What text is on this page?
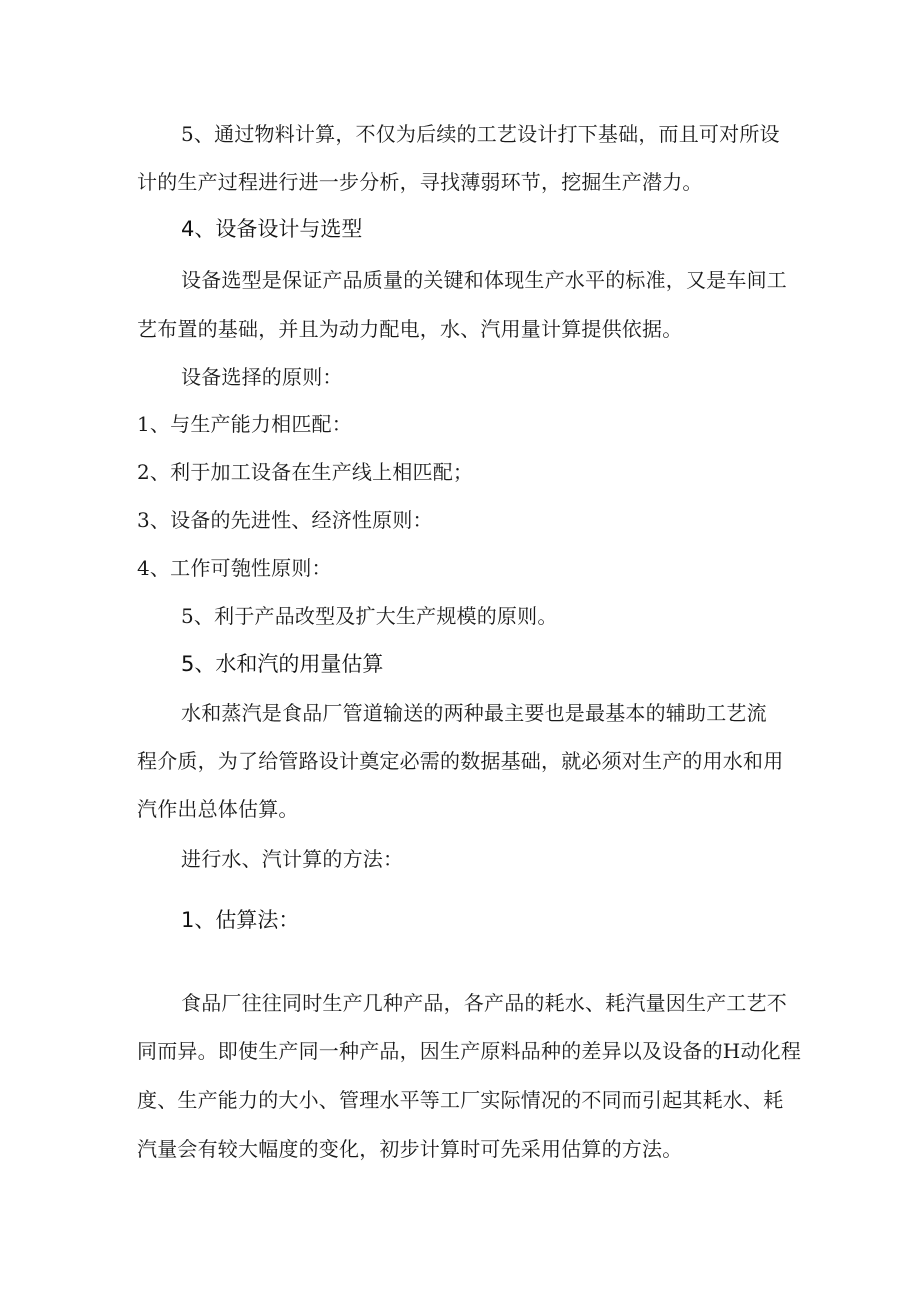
5、通过物料计算，不仅为后续的工艺设计打下基础，而且可对所设
计的生产过程进行进一步分析，寻找薄弱环节，挖掘生产潜力。
4、设备设计与选型
设备选型是保证产品质量的关键和体现生产水平的标准，又是车间工
艺布置的基础，并且为动力配电，水、汽用量计算提供依据。
设备选择的原则：
1、与生产能力相匹配：
2、利于加工设备在生产线上相匹配；
3、设备的先进性、经济性原则：
4、工作可匏性原则：
5、利于产品改型及扩大生产规模的原则。
5、水和汽的用量估算
水和蒸汽是食品厂管道输送的两种最主要也是最基本的辅助工艺流
程介质，为了给管路设计奠定必需的数据基础，就必须对生产的用水和用
汽作出总体估算。
进行水、汽计算的方法：
1、估算法：
食品厂往往同时生产几种产品，各产品的耗水、耗汽量因生产工艺不
同而异。即使生产同一种产品，因生产原料品种的差异以及设备的H动化程
度、生产能力的大小、管理水平等工厂实际情况的不同而引起其耗水、耗
汽量会有较大幅度的变化，初步计算时可先采用估算的方法。
